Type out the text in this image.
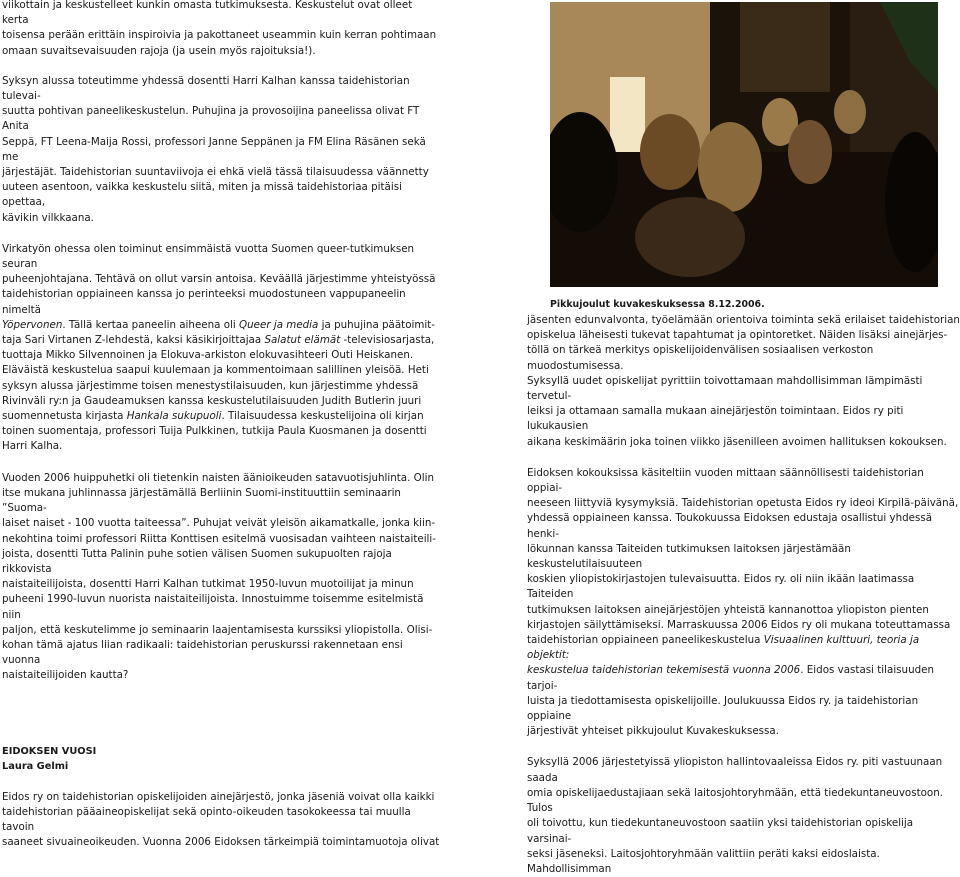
viikottain ja keskustelleet kunkin omasta tutkimuksesta. Keskustelut ovat olleet kerta
toisensa perään erittäin inspiroivia ja pakottaneet useammin kuin kerran pohtimaan
omaan suvaitsevaisuuden rajoja (ja usein myös rajoituksia!).

Syksyn alussa toteutimme yhdessä dosentti Harri Kalhan kanssa taidehistorian tulevai-
suutta pohtivan paneelikeskustelun. Puhujina ja provosoijina paneelissa olivat FT Anita
Seppä, FT Leena-Maija Rossi, professori Janne Seppänen ja FM Elina Räsänen sekä me
järjestäjät. Taidehistorian suuntaviivoja ei ehkä vielä tässä tilaisuudessa väännetty
uuteen asentoon, vaikka keskustelu siitä, miten ja missä taidehistoriaa pitäisi opettaa,
kävikin vilkkaana.

Virkatyön ohessa olen toiminut ensimmäistä vuotta Suomen queer-tutkimuksen seuran
puheenjohtajana. Tehtävä on ollut varsin antoisa. Keväällä järjestimme yhteistyössä
taidehistorian oppiaineen kanssa jo perinteeksi muodostuneen vappupaneelin nimeltä
Yöpervonen. Tällä kertaa paneelin aiheena oli Queer ja media ja puhujina päätoimit-
taja Sari Virtanen Z-lehdestä, kaksi käsikirjoittajaa Salatut elämät -televisiosarjasta,
tuottaja Mikko Silvennoinen ja Elokuva-arkiston elokuvasihteeri Outi Heiskanen.
Eläväistä keskustelua saapui kuulemaan ja kommentoimaan salillinen yleisöä. Heti
syksyn alussa järjestimme toisen menestystilaisuuden, kun järjestimme yhdessä
Rivinväli ry:n ja Gaudeamuksen kanssa keskustelutilaisuuden Judith Butlerin juuri
suomennetusta kirjasta Hankala sukupuoli. Tilaisuudessa keskustelijoina oli kirjan
toinen suomentaja, professori Tuija Pulkkinen, tutkija Paula Kuosmanen ja dosentti
Harri Kalha.

Vuoden 2006 huippuhetki oli tietenkin naisten äänioikeuden satavuotisjuhlinta. Olin
itse mukana juhlinnassa järjestämällä Berliinin Suomi-instituuttiin seminaarin ”Suoma-
laiset naiset - 100 vuotta taiteessa”. Puhujat veivät yleisön aikamatkalle, jonka kiin-
nekohtina toimi professori Riitta Konttisen esitelmä vuosisadan vaihteen naistaiteili-
joista, dosentti Tutta Palinin puhe sotien välisen Suomen sukupuolten rajoja rikkovista
naistaiteilijoista, dosentti Harri Kalhan tutkimat 1950-luvun muotoilijat ja minun
puheeni 1990-luvun nuorista naistaiteilijoista. Innostuimme toisemme esitelmistä niin
paljon, että keskutelimme jo seminaarin laajentamisesta kurssiksi yliopistolla. Olisi-
kohan tämä ajatus liian radikaali: taidehistorian peruskurssi rakennetaan ensi vuonna
naistaiteilijoiden kautta?

EIDOKSEN VUOSI

Laura Gelmi

Eidos ry on taidehistorian opiskelijoiden ainejärjestö, jonka jäseniä voivat olla kaikki
taidehistorian pääaineopiskelijat sekä opinto-oikeuden tasokokeessa tai muulla tavoin
saaneet sivuaineoikeuden. Vuonna 2006 Eidoksen tärkeimpiä toimintamuotoja olivat

Pikkujoulut kuvakeskuksessa 8.12.2006.

jäsenten edunvalvonta, työelämään orientoiva toiminta sekä erilaiset taidehistorian
opiskelua läheisesti tukevat tapahtumat ja opintoretket. Näiden lisäksi ainejärjes-
töllä on tärkeä merkitys opiskelijoidenvälisen sosiaalisen verkoston muodostumisessa.
Syksyllä uudet opiskelijat pyrittiin toivottamaan mahdollisimman lämpimästi tervetul-
leiksi ja ottamaan samalla mukaan ainejärjestön toimintaan. Eidos ry piti lukukausien
aikana keskimäärin joka toinen viikko jäsenilleen avoimen hallituksen kokouksen.

Eidoksen kokouksissa käsiteltiin vuoden mittaan säännöllisesti taidehistorian oppiai-
neeseen liittyviä kysymyksiä. Taidehistorian opetusta Eidos ry ideoi Kirpilä-päivänä,
yhdessä oppiaineen kanssa. Toukokuussa Eidoksen edustaja osallistui yhdessä henki-
lökunnan kanssa Taiteiden tutkimuksen laitoksen järjestämään keskustelutilaisuuteen
koskien yliopistokirjastojen tulevaisuutta. Eidos ry. oli niin ikään laatimassa Taiteiden
tutkimuksen laitoksen ainejärjestöjen yhteistä kannanottoa yliopiston pienten
kirjastojen säilyttämiseksi. Marraskuussa 2006 Eidos ry oli mukana toteuttamassa
taidehistorian oppiaineen paneelikeskustelua Visuaalinen kulttuuri, teoria ja objektit:
keskustelua taidehistorian tekemisestä vuonna 2006. Eidos vastasi tilaisuuden tarjoi-
luista ja tiedottamisesta opiskelijoille. Joulukuussa Eidos ry. ja taidehistorian oppiaine
järjestivät yhteiset pikkujoulut Kuvakeskuksessa.

Syksyllä 2006 järjestetyissä yliopiston hallintovaaleissa Eidos ry. piti vastuunaan saada
omia opiskelijaedustajiaan sekä laitosjohtoryhmään, että tiedekuntaneuvostoon. Tulos
oli toivottu, kun tiedekuntaneuvostoon saatiin yksi taidehistorian opiskelija varsinai-
seksi jäseneksi. Laitosjohtoryhmään valittiin peräti kaksi eidoslaista. Mahdollisimman
